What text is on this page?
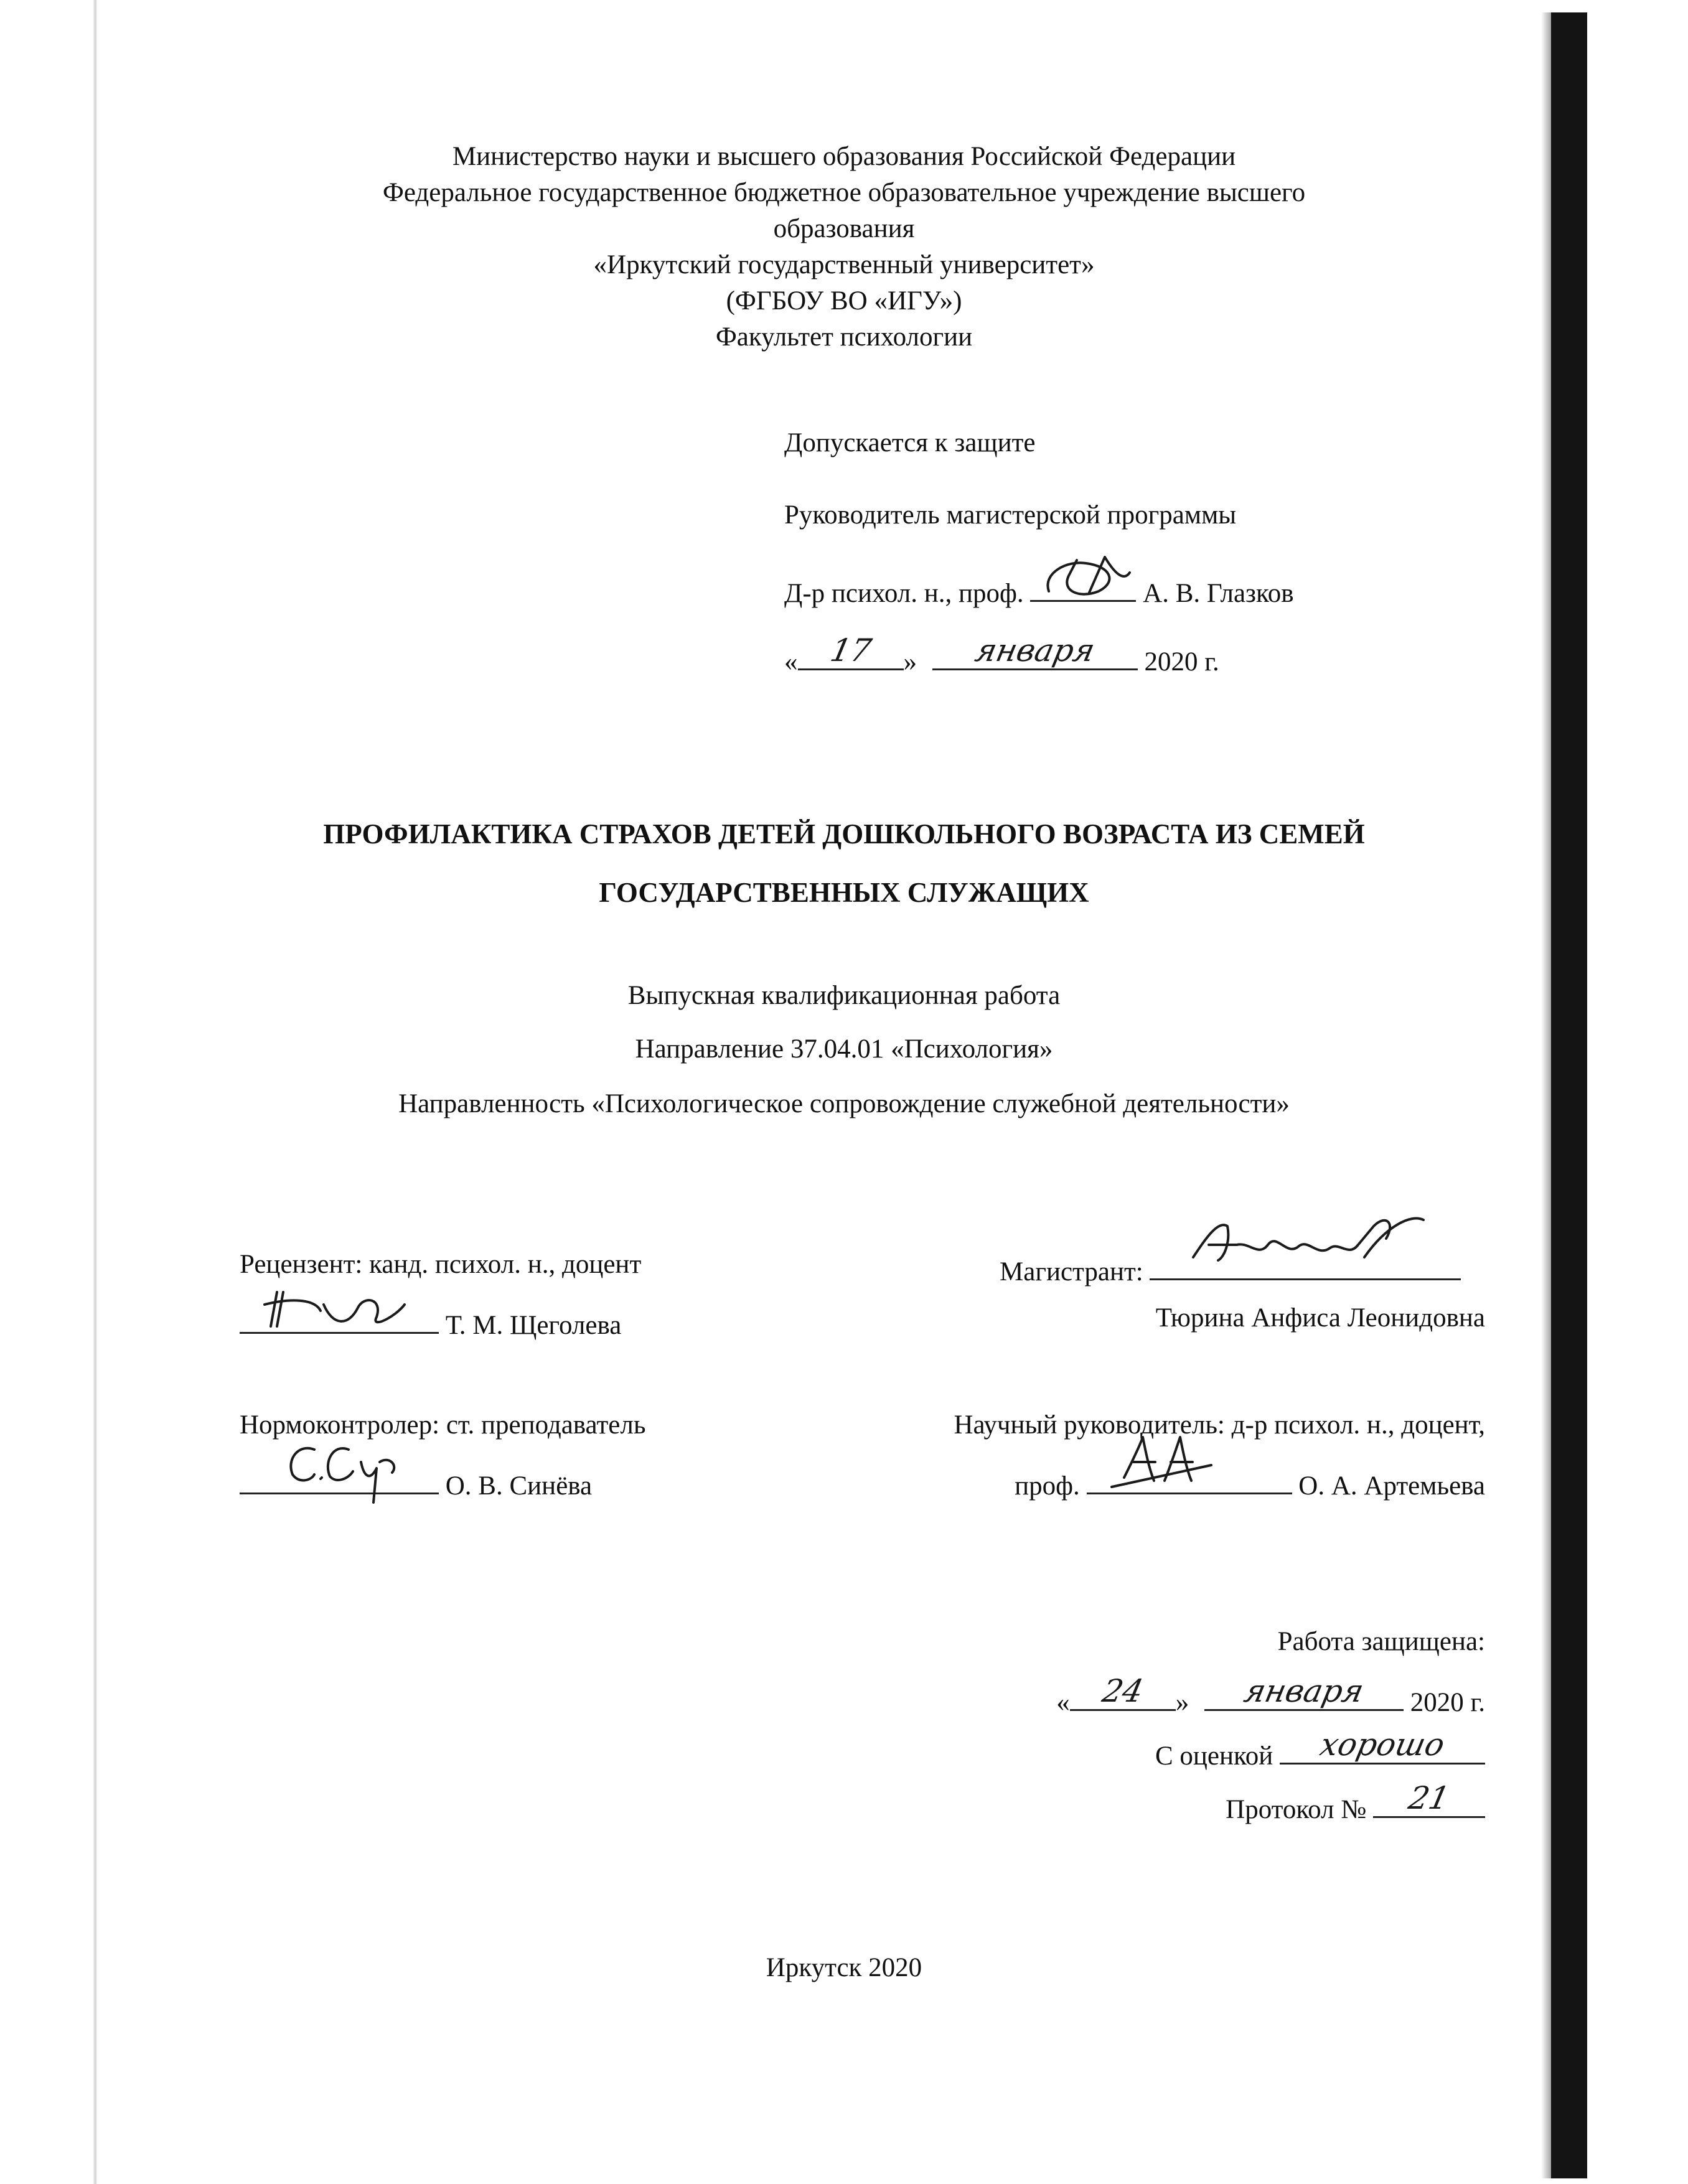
Министерство науки и высшего образования Российской Федерации
Федеральное государственное бюджетное образовательное учреждение высшего
образования
«Иркутский государственный университет»
(ФГБОУ ВО «ИГУ»)
Факультет психологии
Допускается к защите
Руководитель магистерской программы
Д-р психол. н., проф.	А. В. Глазков
« 17	»	января	2020 г.
ПРОФИЛАКТИКА СТРАХОВ ДЕТЕЙ ДОШКОЛЬНОГО ВОЗРАСТА ИЗ СЕМЕЙ
ГОСУДАРСТВЕННЫХ СЛУЖАЩИХ
Выпускная квалификационная работа
Направление 37.04.01 «Психология»
Направленность «Психологическое сопровождение служебной деятельности»
Рецензент: канд. психол. н., доцент
Т. М. Щеголева
Магистрант:
Тюрина Анфиса Леонидовна
Нормоконтролер: ст. преподаватель
О. В. Синёва
Научный руководитель: д-р психол. н., доцент,
проф.	О. А. Артемьева
Работа защищена:
« 24	»	января	2020 г.
С оценкой	хорошо
Протокол №	21
Иркутск 2020
